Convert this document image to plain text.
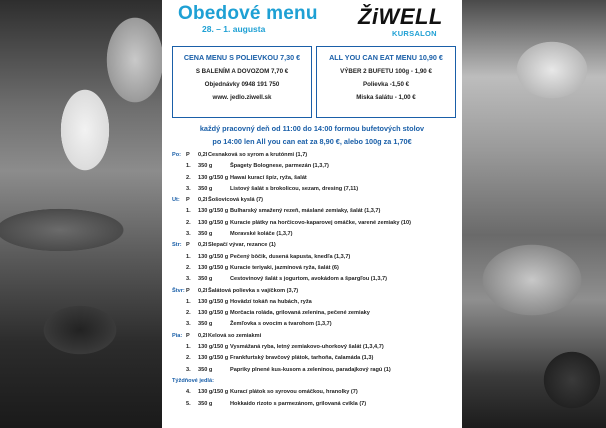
Obedové menu
28. – 1. augusta	ŽiWELL
KURSALON
CENA MENU S POLIEVKOU 7,30 €
S BALENÍM A DOVOZOM 7,70 €
Objednávky 0948 191 750
www. jedlo.ziwell.sk
ALL YOU CAN EAT MENU 10,90 €
VÝBER 2 BUFETU 100g - 1,90 €
Polievka -1,50 €
Miska šalátu - 1,00 €
každý pracovný deň od 11:00 do 14:00 formou bufetových stolov
po 14:00 len All you can eat za 8,90 €, alebo 100g za 1,70€
Po: P 0,2l Cesnaková so syrom a krutónmi (1,7)
1. 350 g	Špagety Bolognese, parmezán (1,3,7)
2. 130 g/150 g Hawai kurací špíz, ryža, šalát
3. 350 g	Listový šalát s brokolicou, sezam, dresing (7,11)
Ut: P 0,2l Šošovicová kyslá (7)
1. 130 g/150 g Bulharský smažený rezeň, máslané zemiaky, šalát (1,3,7)
2. 130 g/150 g Kuracie plátky na horčicovo-kaparovej omáčke, varené zemiaky (10)
3. 350 g	Moravské koláče (1,3,7)
Str: P 0,2l Slepačí vývar, rezance (1)
1. 130 g/150 g Pečený bôčik, dusená kapusta, knedľa (1,3,7)
2. 130 g/150 g Kuracie teriyaki, jazmínová ryža, šalát (6)
3. 350 g	Cestovinový šalát s jogurtom, avokádom a špargľou (1,3,7)
Štvr: P 0,2l Šalátová polievka s vajíčkom (3,7)
1. 130 g/150 g Hovädzí tokáň na hubách, ryža
2. 130 g/150 g Morčacia roláda, grilovaná zelenina, pečené zemiaky
3. 350 g	Žemľovka s ovocím a tvarohom (1,3,7)
Pia: P 0,2l Kelová so zemiakmi
1. 130 g/150 g Vysmážaná ryba, letný zemiakovo-uhorkový šalát (1,3,4,7)
2. 130 g/150 g Frankfurtský bravčový plátok, tarhoňa, čalamáda (1,3)
3. 350 g	Papriky plnené kus-kusom a zeleninou, paradajkový ragú (1)
Týždňové jedlá:
4. 130 g/150 g Kurací plátok so syrovou omáčkou, hranolky (7)
5. 350 g	Hokkaido rizoto s parmezánom, grilovaná cvikla (7)
